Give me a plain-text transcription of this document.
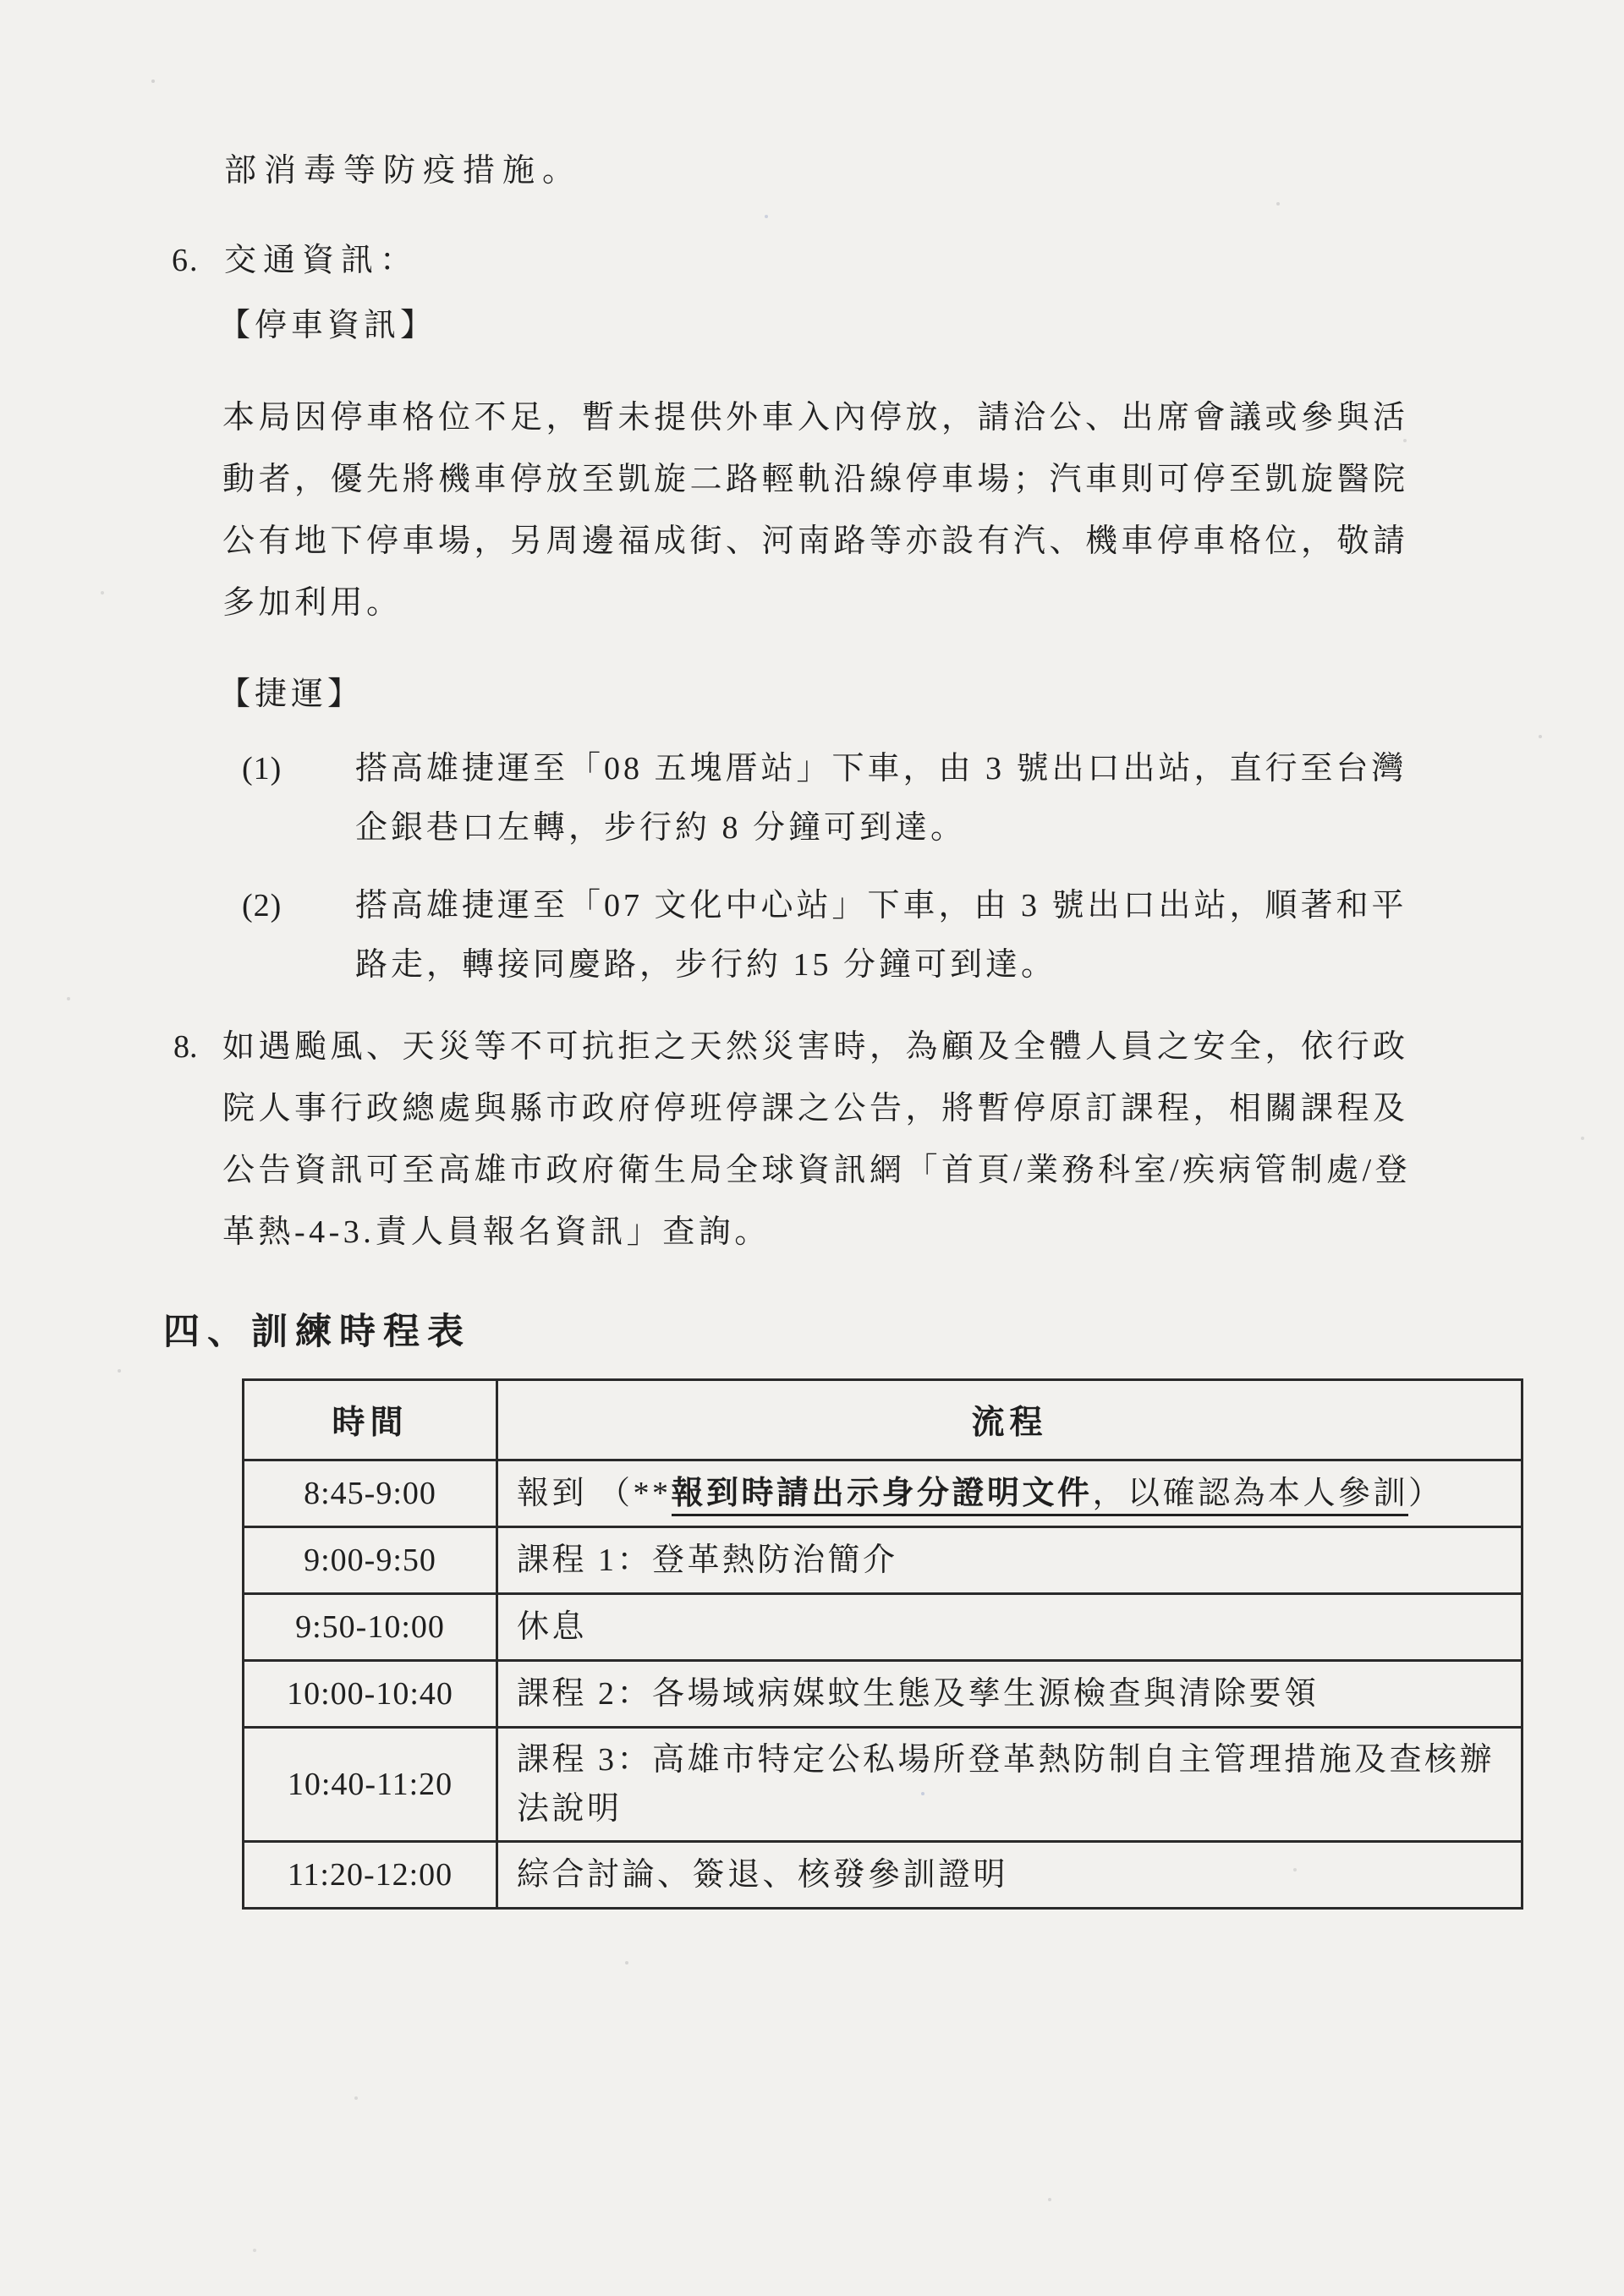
部消毒等防疫措施。
6. 交通資訊：
【停車資訊】
本局因停車格位不足，暫未提供外車入內停放，請洽公、出席會議或參與活
動者，優先將機車停放至凱旋二路輕軌沿線停車場；汽車則可停至凱旋醫院
公有地下停車場，另周邊福成街、河南路等亦設有汽、機車停車格位，敬請
多加利用。
【捷運】
(1)	搭高雄捷運至「08 五塊厝站」下車，由 3 號出口出站，直行至台灣
企銀巷口左轉，步行約 8 分鐘可到達。
(2)	搭高雄捷運至「07 文化中心站」下車，由 3 號出口出站，順著和平
路走，轉接同慶路，步行約 15 分鐘可到達。
8. 如遇颱風、天災等不可抗拒之天然災害時，為顧及全體人員之安全，依行政
院人事行政總處與縣市政府停班停課之公告，將暫停原訂課程，相關課程及
公告資訊可至高雄市政府衛生局全球資訊網「首頁/業務科室/疾病管制處/登
革熱-4-3.責人員報名資訊」查詢。
四、訓練時程表
時間	流程
8:45-9:00	報到 （**報到時請出示身分證明文件，以確認為本人參訓）
9:00-9:50	課程 1：登革熱防治簡介
9:50-10:00	休息
10:00-10:40	課程 2：各場域病媒蚊生態及孳生源檢查與清除要領
10:40-11:20	課程 3：高雄市特定公私場所登革熱防制自主管理措施及查核辦法說明
11:20-12:00	綜合討論、簽退、核發參訓證明
